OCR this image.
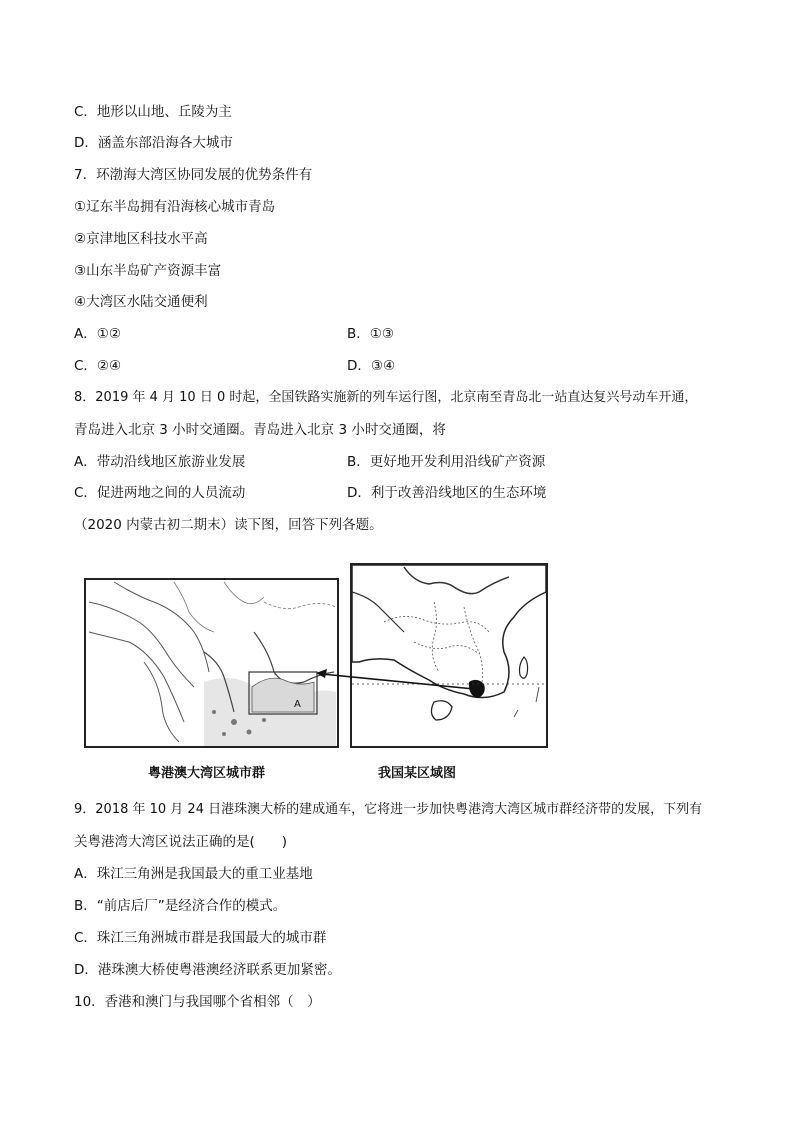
C．地形以山地、丘陵为主
D．涵盖东部沿海各大城市
7．环渤海大湾区协同发展的优势条件有
①辽东半岛拥有沿海核心城市青岛
②京津地区科技水平高
③山东半岛矿产资源丰富
④大湾区水陆交通便利
A．①②	B．①③
C．②④	D．③④
8．2019 年 4 月 10 日 0 时起，全国铁路实施新的列车运行图，北京南至青岛北一站直达复兴号动车开通，
青岛进入北京 3 小时交通圈。青岛进入北京 3 小时交通圈，将
A．带动沿线地区旅游业发展	B．更好地开发利用沿线矿产资源
C．促进两地之间的人员流动	D．利于改善沿线地区的生态环境
（2020 内蒙古初二期末）读下图，回答下列各题。
·
·
A
粤港澳大湾区城市群	我国某区域图
9．2018 年 10 月 24 日港珠澳大桥的建成通车，它将进一步加快粤港湾大湾区城市群经济带的发展，下列有
关粤港湾大湾区说法正确的是(　　)
A．珠江三角洲是我国最大的重工业基地
B．“前店后厂”是经济合作的模式。
C．珠江三角洲城市群是我国最大的城市群
D．港珠澳大桥使粤港澳经济联系更加紧密。
10．香港和澳门与我国哪个省相邻（　）
